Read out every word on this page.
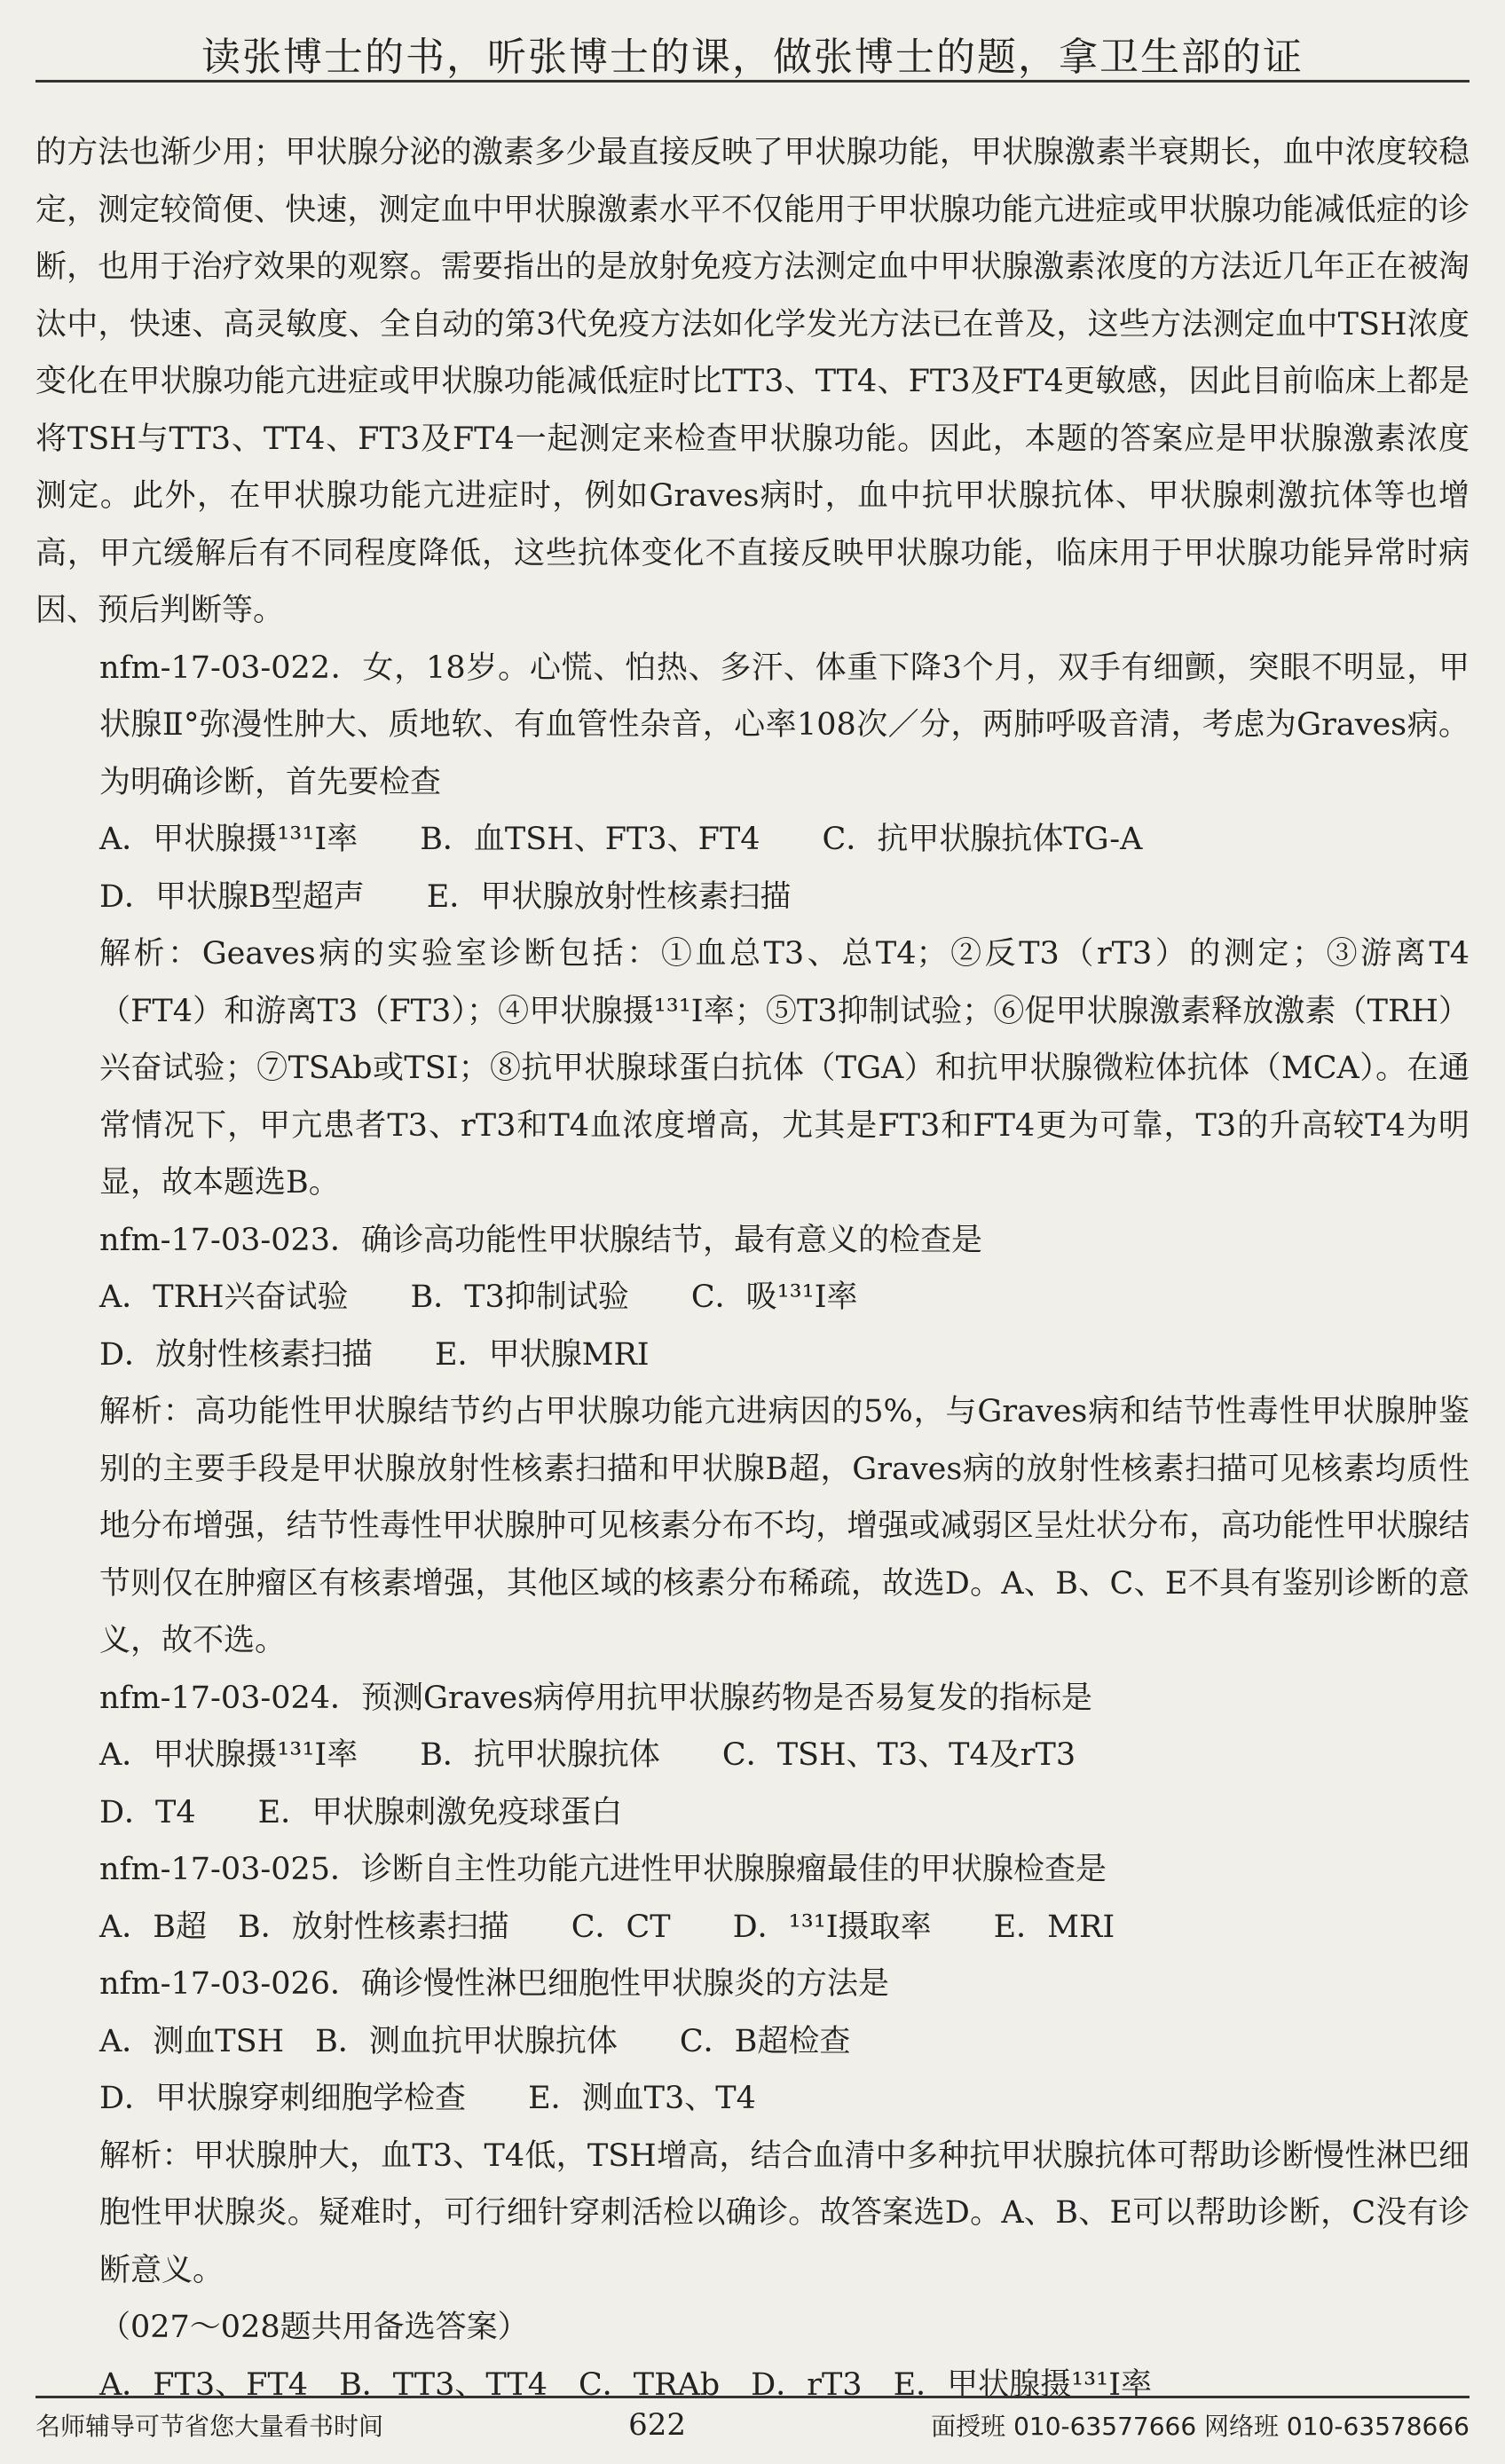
读张博士的书，听张博士的课，做张博士的题，拿卫生部的证

的方法也渐少用；甲状腺分泌的激素多少最直接反映了甲状腺功能，甲状腺激素半衰期长，血中浓度较稳定，测定较简便、快速，测定血中甲状腺激素水平不仅能用于甲状腺功能亢进症或甲状腺功能减低症的诊断，也用于治疗效果的观察。需要指出的是放射免疫方法测定血中甲状腺激素浓度的方法近几年正在被淘汰中，快速、高灵敏度、全自动的第3代免疫方法如化学发光方法已在普及，这些方法测定血中TSH浓度变化在甲状腺功能亢进症或甲状腺功能减低症时比TT3、TT4、FT3及FT4更敏感，因此目前临床上都是将TSH与TT3、TT4、FT3及FT4一起测定来检查甲状腺功能。因此，本题的答案应是甲状腺激素浓度测定。此外，在甲状腺功能亢进症时，例如Graves病时，血中抗甲状腺抗体、甲状腺刺激抗体等也增高，甲亢缓解后有不同程度降低，这些抗体变化不直接反映甲状腺功能，临床用于甲状腺功能异常时病因、预后判断等。

nfm-17-03-022．女，18岁。心慌、怕热、多汗、体重下降3个月，双手有细颤，突眼不明显，甲状腺Ⅱ°弥漫性肿大、质地软、有血管性杂音，心率108次／分，两肺呼吸音清，考虑为Graves病。为明确诊断，首先要检查

A．甲状腺摄¹³¹I率　　B．血TSH、FT3、FT4　　C．抗甲状腺抗体TG-A

D．甲状腺B型超声　　E．甲状腺放射性核素扫描

解析：Geaves病的实验室诊断包括：①血总T3、总T4；②反T3（rT3）的测定；③游离T4（FT4）和游离T3（FT3）；④甲状腺摄¹³¹I率；⑤T3抑制试验；⑥促甲状腺激素释放激素（TRH）兴奋试验；⑦TSAb或TSI；⑧抗甲状腺球蛋白抗体（TGA）和抗甲状腺微粒体抗体（MCA）。在通常情况下，甲亢患者T3、rT3和T4血浓度增高，尤其是FT3和FT4更为可靠，T3的升高较T4为明显，故本题选B。

nfm-17-03-023．确诊高功能性甲状腺结节，最有意义的检查是

A．TRH兴奋试验　　B．T3抑制试验　　C．吸¹³¹I率

D．放射性核素扫描　　E．甲状腺MRI

解析：高功能性甲状腺结节约占甲状腺功能亢进病因的5%，与Graves病和结节性毒性甲状腺肿鉴别的主要手段是甲状腺放射性核素扫描和甲状腺B超，Graves病的放射性核素扫描可见核素均质性地分布增强，结节性毒性甲状腺肿可见核素分布不均，增强或减弱区呈灶状分布，高功能性甲状腺结节则仅在肿瘤区有核素增强，其他区域的核素分布稀疏，故选D。A、B、C、E不具有鉴别诊断的意义，故不选。

nfm-17-03-024．预测Graves病停用抗甲状腺药物是否易复发的指标是

A．甲状腺摄¹³¹I率　　B．抗甲状腺抗体　　C．TSH、T3、T4及rT3

D．T4　　E．甲状腺刺激免疫球蛋白

nfm-17-03-025．诊断自主性功能亢进性甲状腺腺瘤最佳的甲状腺检查是

A．B超　B．放射性核素扫描　　C．CT　　D．¹³¹I摄取率　　E．MRI

nfm-17-03-026．确诊慢性淋巴细胞性甲状腺炎的方法是

A．测血TSH　B．测血抗甲状腺抗体　　C．B超检查

D．甲状腺穿刺细胞学检查　　E．测血T3、T4

解析：甲状腺肿大，血T3、T4低，TSH增高，结合血清中多种抗甲状腺抗体可帮助诊断慢性淋巴细胞性甲状腺炎。疑难时，可行细针穿刺活检以确诊。故答案选D。A、B、E可以帮助诊断，C没有诊断意义。

（027～028题共用备选答案）

A．FT3、FT4　B．TT3、TT4　C．TRAb　D．rT3　E．甲状腺摄¹³¹I率

名师辅导可节省您大量看书时间	622	面授班 010-63577666 网络班 010-63578666
